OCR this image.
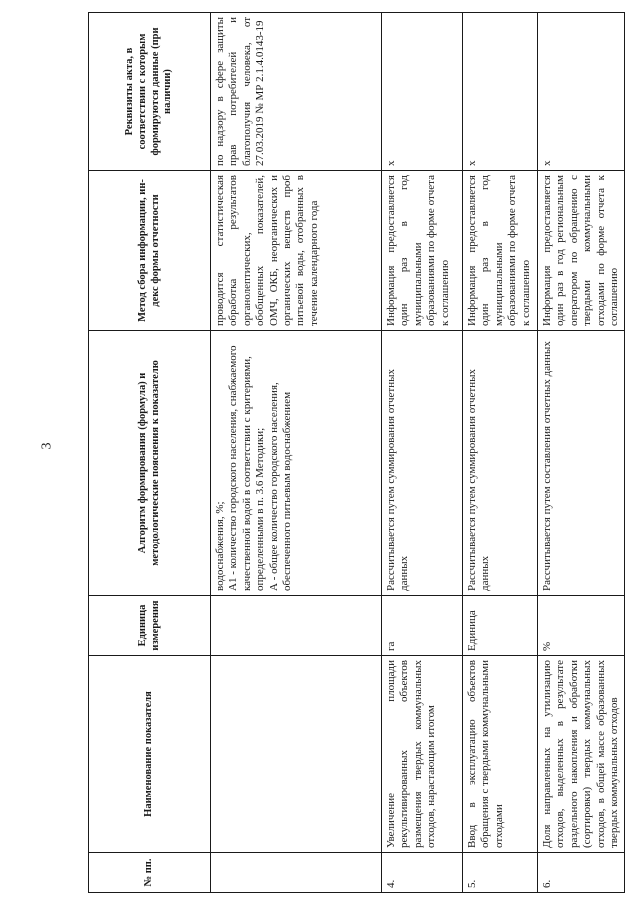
3
№ пп.	Наименование показателя	Единица измерения	Алгоритм формирования (формула) и методологические пояснения к показателю	Метод сбора информации, ин-декс формы отчетности	Реквизиты акта, в соответствии с которым формируются данные (при наличии)
			водоснабжения, %;
А1 - количество городского населения, снабжаемого качественной водой в соответствии с критериями, определенными в п. 3.6 Методики;
А - общее количество городского населения, обеспеченного питьевым водоснабжением	проводится статистическая обработка результатов органолептических, обобщенных показателей, ОМЧ, ОКБ, неорганических и органических веществ проб питьевой воды, отобранных в течение календарного года	по надзору в сфере защиты прав потребителей и благополучия человека, от 27.03.2019 № МР 2.1.4.0143-19
4.	Увеличение площади рекультивированных объектов размещения твердых коммунальных отходов, нарастающим итогом	га	Рассчитывается путем суммирования отчетных данных	Информация предоставляется один раз в год муниципальными образованиями по форме отчета к соглашению	х
5.	Ввод в эксплуатацию объектов обращения с твердыми коммунальными отходами	Единица	Рассчитывается путем суммирования отчетных данных	Информация предоставляется один раз в год муниципальными образованиями по форме отчета к соглашению	х
6.	Доля направленных на утилизацию отходов, выделенных в результате раздельного накопления и обработки (сортировки) твердых коммунальных отходов, в общей массе образованных твердых коммунальных отходов	%	Рассчитывается путем составления отчетных данных	Информация предоставляется один раз в год региональным оператором по обращению с твердыми коммунальными отходами по форме отчета к соглашению	х
